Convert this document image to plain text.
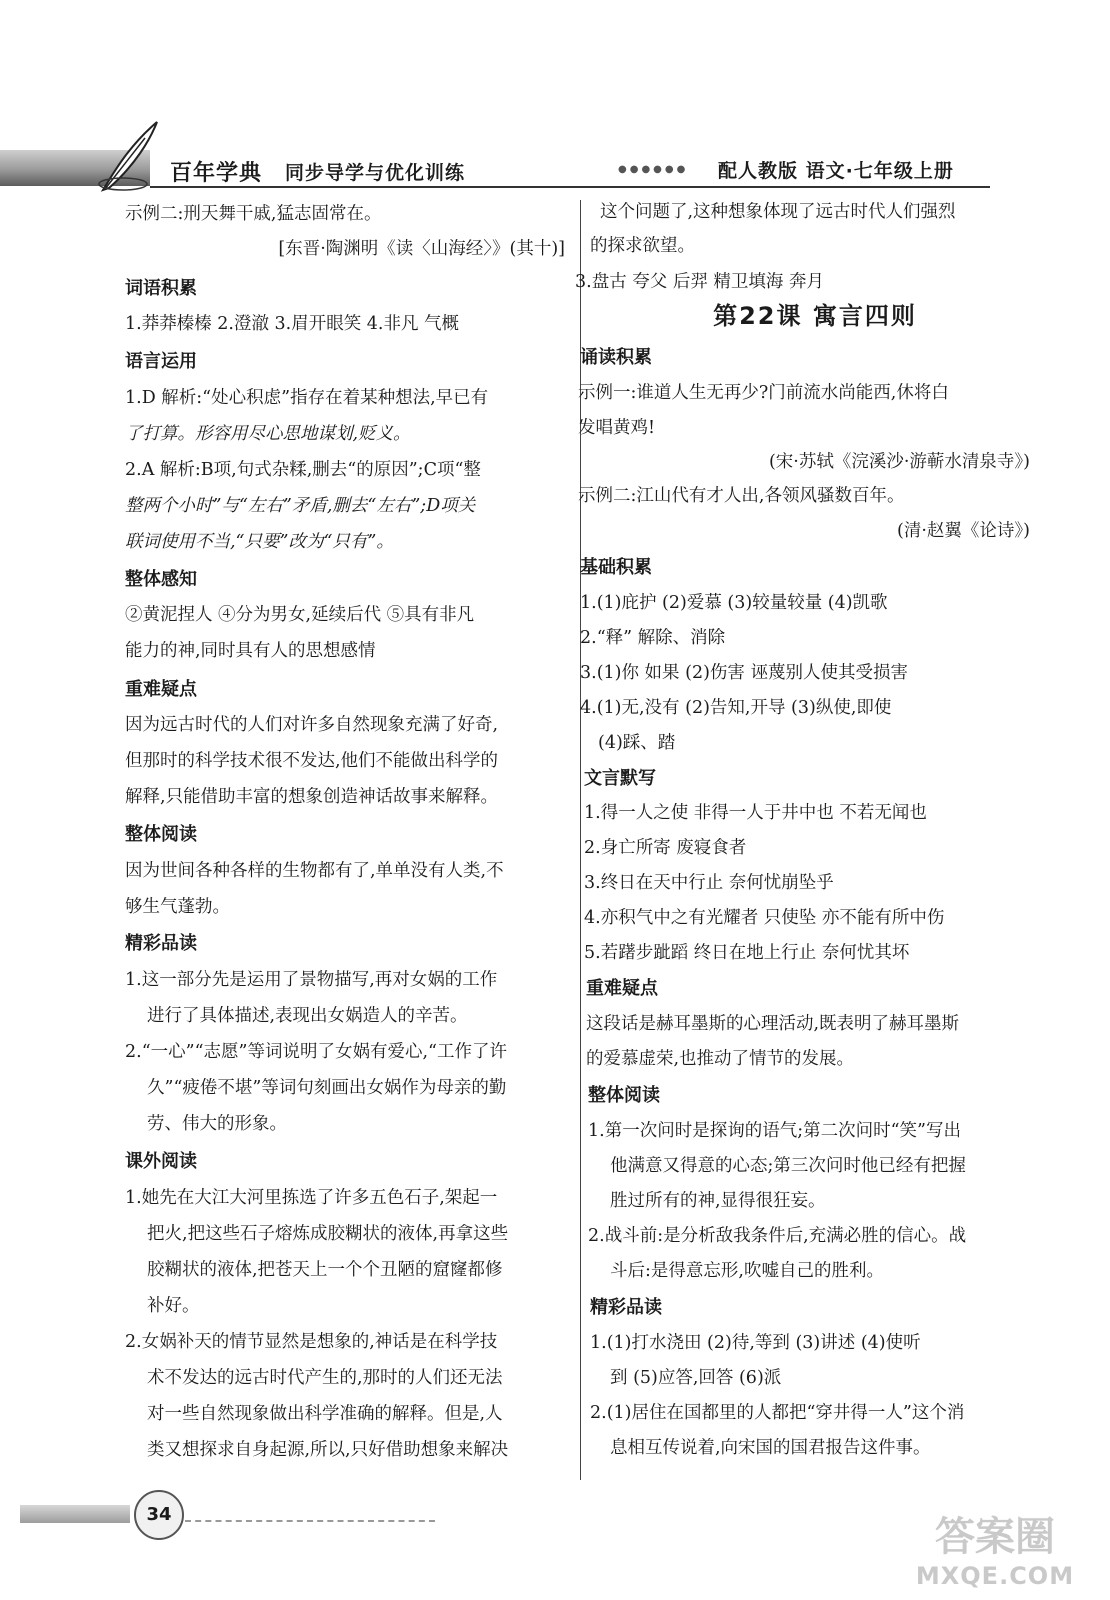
百年学典 同步导学与优化训练	●●●●●● 配人教版 语文·七年级上册
示例二:刑天舞干戚,猛志固常在。
[东晋·陶渊明《读〈山海经〉》(其十)]
词语积累
1.莽莽榛榛 2.澄澈 3.眉开眼笑 4.非凡 气概
语言运用
1.D 解析:“处心积虑”指存在着某种想法,早已有
了打算。形容用尽心思地谋划,贬义。
2.A 解析:B项,句式杂糅,删去“的原因”;C项“整
整两个小时”与“左右”矛盾,删去“左右”;D项关
联词使用不当,“只要”改为“只有”。
整体感知
②黄泥捏人 ④分为男女,延续后代 ⑤具有非凡
能力的神,同时具有人的思想感情
重难疑点
因为远古时代的人们对许多自然现象充满了好奇,
但那时的科学技术很不发达,他们不能做出科学的
解释,只能借助丰富的想象创造神话故事来解释。
整体阅读
因为世间各种各样的生物都有了,单单没有人类,不
够生气蓬勃。
精彩品读
1.这一部分先是运用了景物描写,再对女娲的工作
进行了具体描述,表现出女娲造人的辛苦。
2.“一心”“志愿”等词说明了女娲有爱心,“工作了许
久”“疲倦不堪”等词句刻画出女娲作为母亲的勤
劳、伟大的形象。
课外阅读
1.她先在大江大河里拣选了许多五色石子,架起一
把火,把这些石子熔炼成胶糊状的液体,再拿这些
胶糊状的液体,把苍天上一个个丑陋的窟窿都修
补好。
2.女娲补天的情节显然是想象的,神话是在科学技
术不发达的远古时代产生的,那时的人们还无法
对一些自然现象做出科学准确的解释。但是,人
类又想探求自身起源,所以,只好借助想象来解决
这个问题了,这种想象体现了远古时代人们强烈
的探求欲望。
3.盘古 夸父 后羿 精卫填海 奔月
第22课 寓言四则
诵读积累
示例一:谁道人生无再少?门前流水尚能西,休将白
发唱黄鸡!
(宋·苏轼《浣溪沙·游蕲水清泉寺》)
示例二:江山代有才人出,各领风骚数百年。
(清·赵翼《论诗》)
基础积累
1.(1)庇护 (2)爱慕 (3)较量较量 (4)凯歌
2.“释” 解除、消除
3.(1)你 如果 (2)伤害 诬蔑别人使其受损害
4.(1)无,没有 (2)告知,开导 (3)纵使,即使
(4)踩、踏
文言默写
1.得一人之使 非得一人于井中也 不若无闻也
2.身亡所寄 废寝食者
3.终日在天中行止 奈何忧崩坠乎
4.亦积气中之有光耀者 只使坠 亦不能有所中伤
5.若躇步跐蹈 终日在地上行止 奈何忧其坏
重难疑点
这段话是赫耳墨斯的心理活动,既表明了赫耳墨斯
的爱慕虚荣,也推动了情节的发展。
整体阅读
1.第一次问时是探询的语气;第二次问时“笑”写出
他满意又得意的心态;第三次问时他已经有把握
胜过所有的神,显得很狂妄。
2.战斗前:是分析敌我条件后,充满必胜的信心。战
斗后:是得意忘形,吹嘘自己的胜利。
精彩品读
1.(1)打水浇田 (2)待,等到 (3)讲述 (4)使听
到 (5)应答,回答 (6)派
2.(1)居住在国都里的人都把“穿井得一人”这个消
息相互传说着,向宋国的国君报告这件事。
34	答案圈
MXQE.COM
